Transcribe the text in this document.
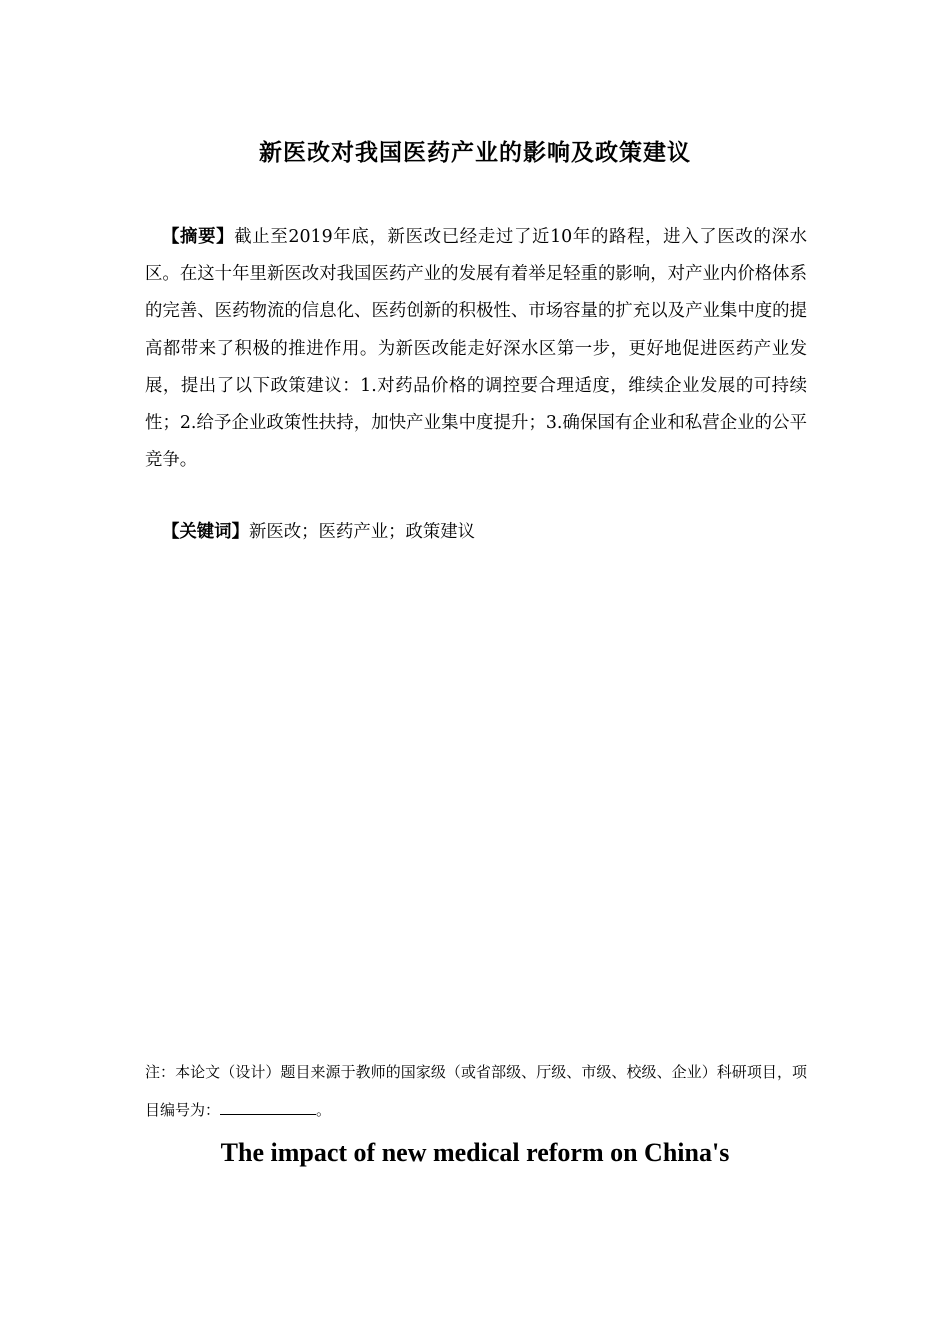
新医改对我国医药产业的影响及政策建议

【摘要】截止至2019年底，新医改已经走过了近10年的路程，进入了医改的深水区。在这十年里新医改对我国医药产业的发展有着举足轻重的影响，对产业内价格体系的完善、医药物流的信息化、医药创新的积极性、市场容量的扩充以及产业集中度的提高都带来了积极的推进作用。为新医改能走好深水区第一步，更好地促进医药产业发展，提出了以下政策建议：1.对药品价格的调控要合理适度，维续企业发展的可持续性；2.给予企业政策性扶持，加快产业集中度提升；3.确保国有企业和私营企业的公平竞争。

【关键词】新医改；医药产业；政策建议

注：本论文（设计）题目来源于教师的国家级（或省部级、厅级、市级、校级、企业）科研项目，项目编号为：	。

The impact of new medical reform on China's
